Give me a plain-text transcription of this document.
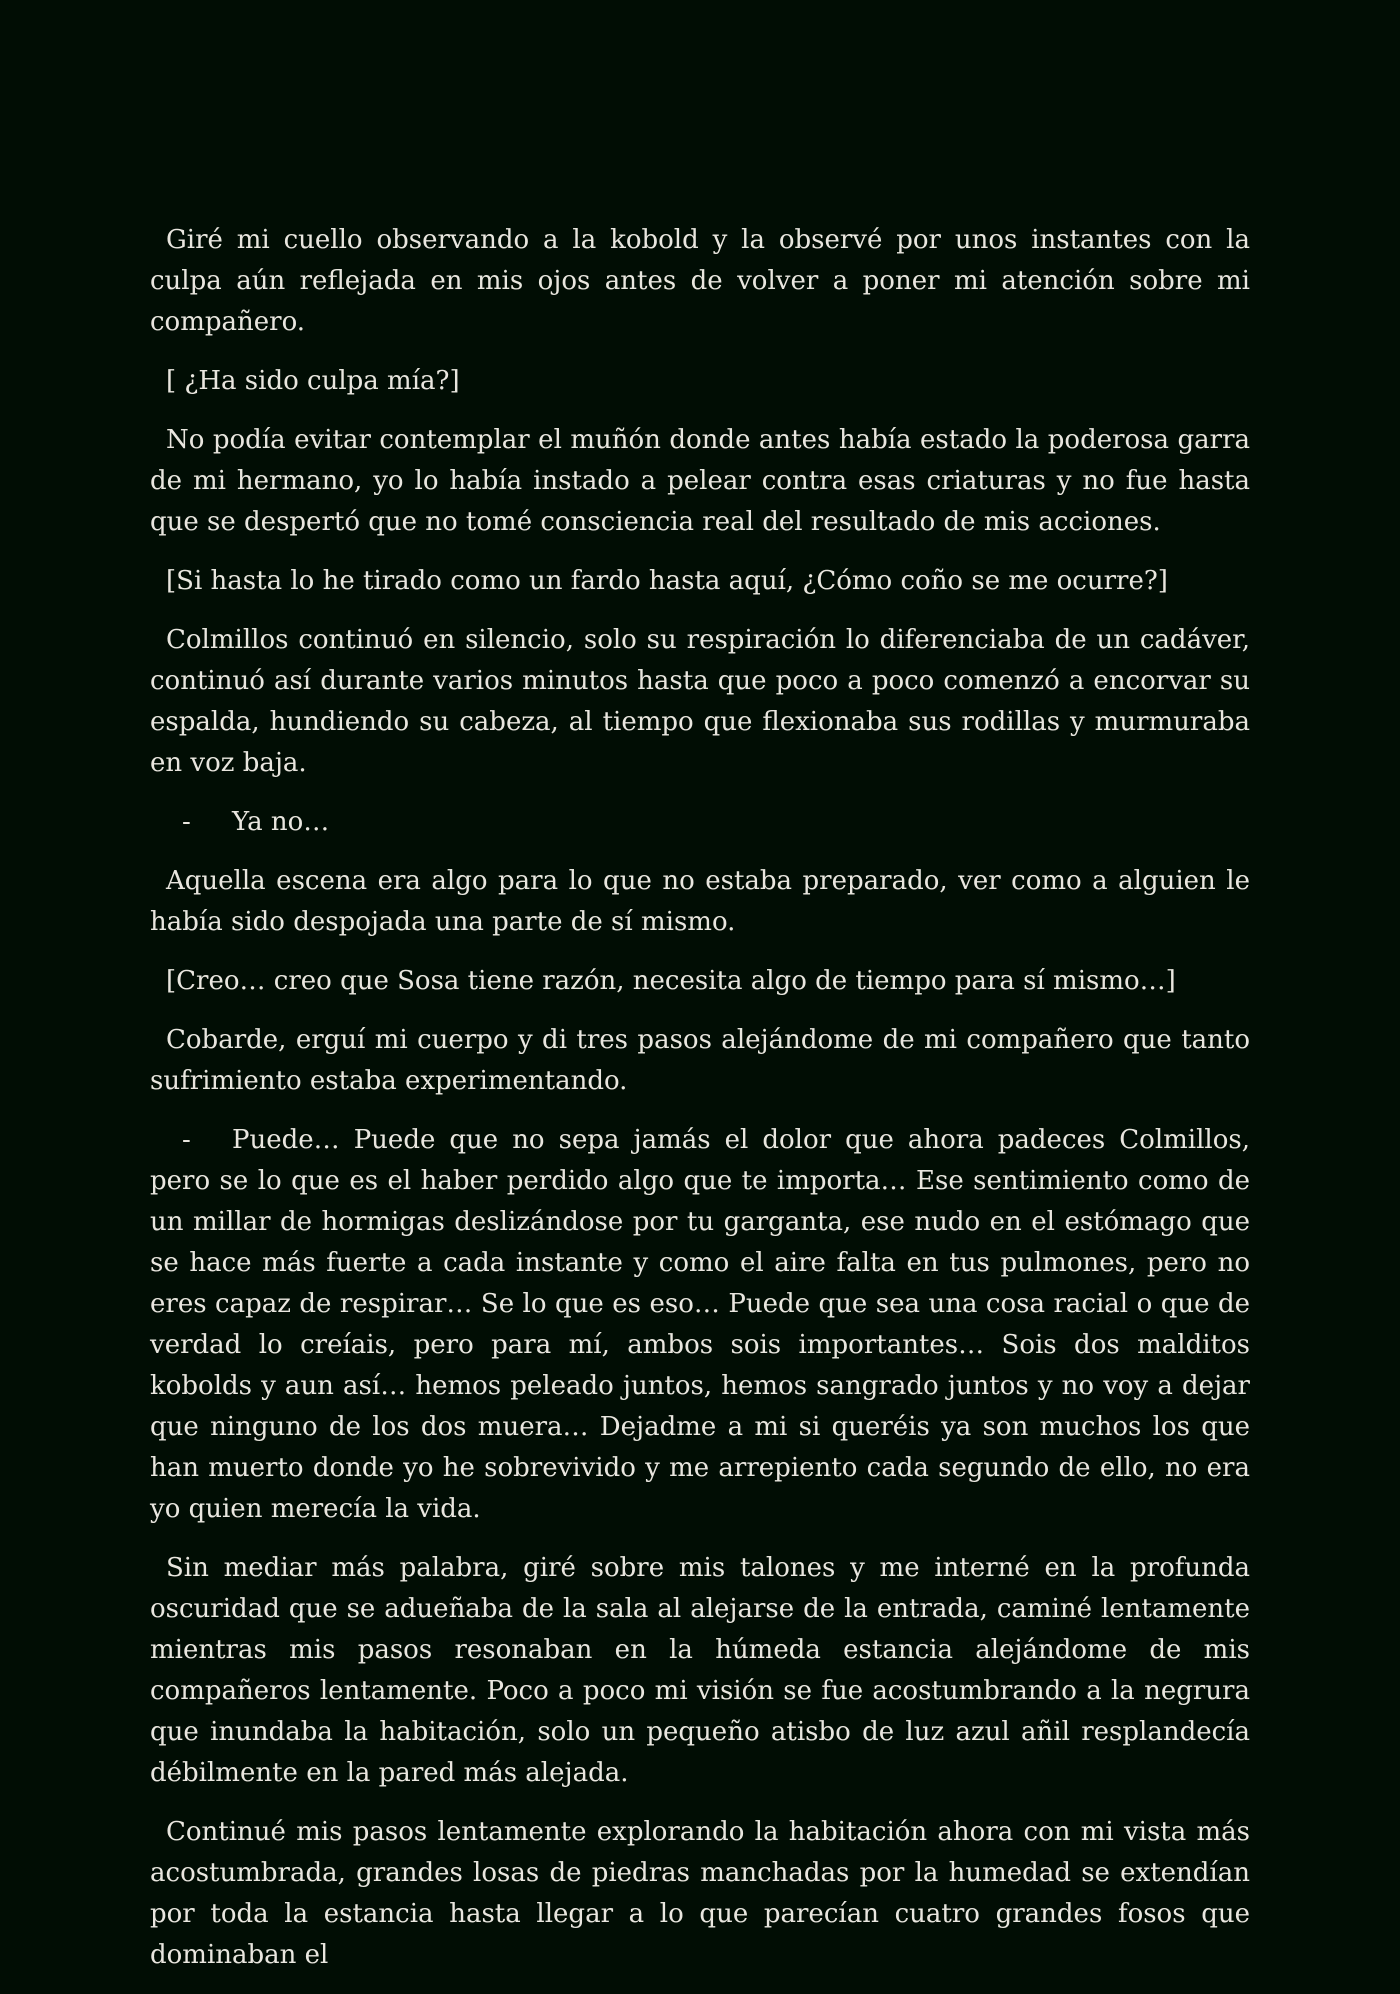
Giré mi cuello observando a la kobold y la observé por unos instantes con la culpa aún reflejada en mis ojos antes de volver a poner mi atención sobre mi compañero.

[ ¿Ha sido culpa mía?]

No podía evitar contemplar el muñón donde antes había estado la poderosa garra de mi hermano, yo lo había instado a pelear contra esas criaturas y no fue hasta que se despertó que no tomé consciencia real del resultado de mis acciones.

[Si hasta lo he tirado como un fardo hasta aquí, ¿Cómo coño se me ocurre?]

Colmillos continuó en silencio, solo su respiración lo diferenciaba de un cadáver, continuó así durante varios minutos hasta que poco a poco comenzó a encorvar su espalda, hundiendo su cabeza, al tiempo que flexionaba sus rodillas y murmuraba en voz baja.

- Ya no…

Aquella escena era algo para lo que no estaba preparado, ver como a alguien le había sido despojada una parte de sí mismo.

[Creo… creo que Sosa tiene razón, necesita algo de tiempo para sí mismo…]

Cobarde, erguí mi cuerpo y di tres pasos alejándome de mi compañero que tanto sufrimiento estaba experimentando.

- Puede… Puede que no sepa jamás el dolor que ahora padeces Colmillos, pero se lo que es el haber perdido algo que te importa… Ese sentimiento como de un millar de hormigas deslizándose por tu garganta, ese nudo en el estómago que se hace más fuerte a cada instante y como el aire falta en tus pulmones, pero no eres capaz de respirar… Se lo que es eso… Puede que sea una cosa racial o que de verdad lo creíais, pero para mí, ambos sois importantes… Sois dos malditos kobolds y aun así… hemos peleado juntos, hemos sangrado juntos y no voy a dejar que ninguno de los dos muera… Dejadme a mi si queréis ya son muchos los que han muerto donde yo he sobrevivido y me arrepiento cada segundo de ello, no era yo quien merecía la vida.

Sin mediar más palabra, giré sobre mis talones y me interné en la profunda oscuridad que se adueñaba de la sala al alejarse de la entrada, caminé lentamente mientras mis pasos resonaban en la húmeda estancia alejándome de mis compañeros lentamente. Poco a poco mi visión se fue acostumbrando a la negrura que inundaba la habitación, solo un pequeño atisbo de luz azul añil resplandecía débilmente en la pared más alejada.

Continué mis pasos lentamente explorando la habitación ahora con mi vista más acostumbrada, grandes losas de piedras manchadas por la humedad se extendían por toda la estancia hasta llegar a lo que parecían cuatro grandes fosos que dominaban el
